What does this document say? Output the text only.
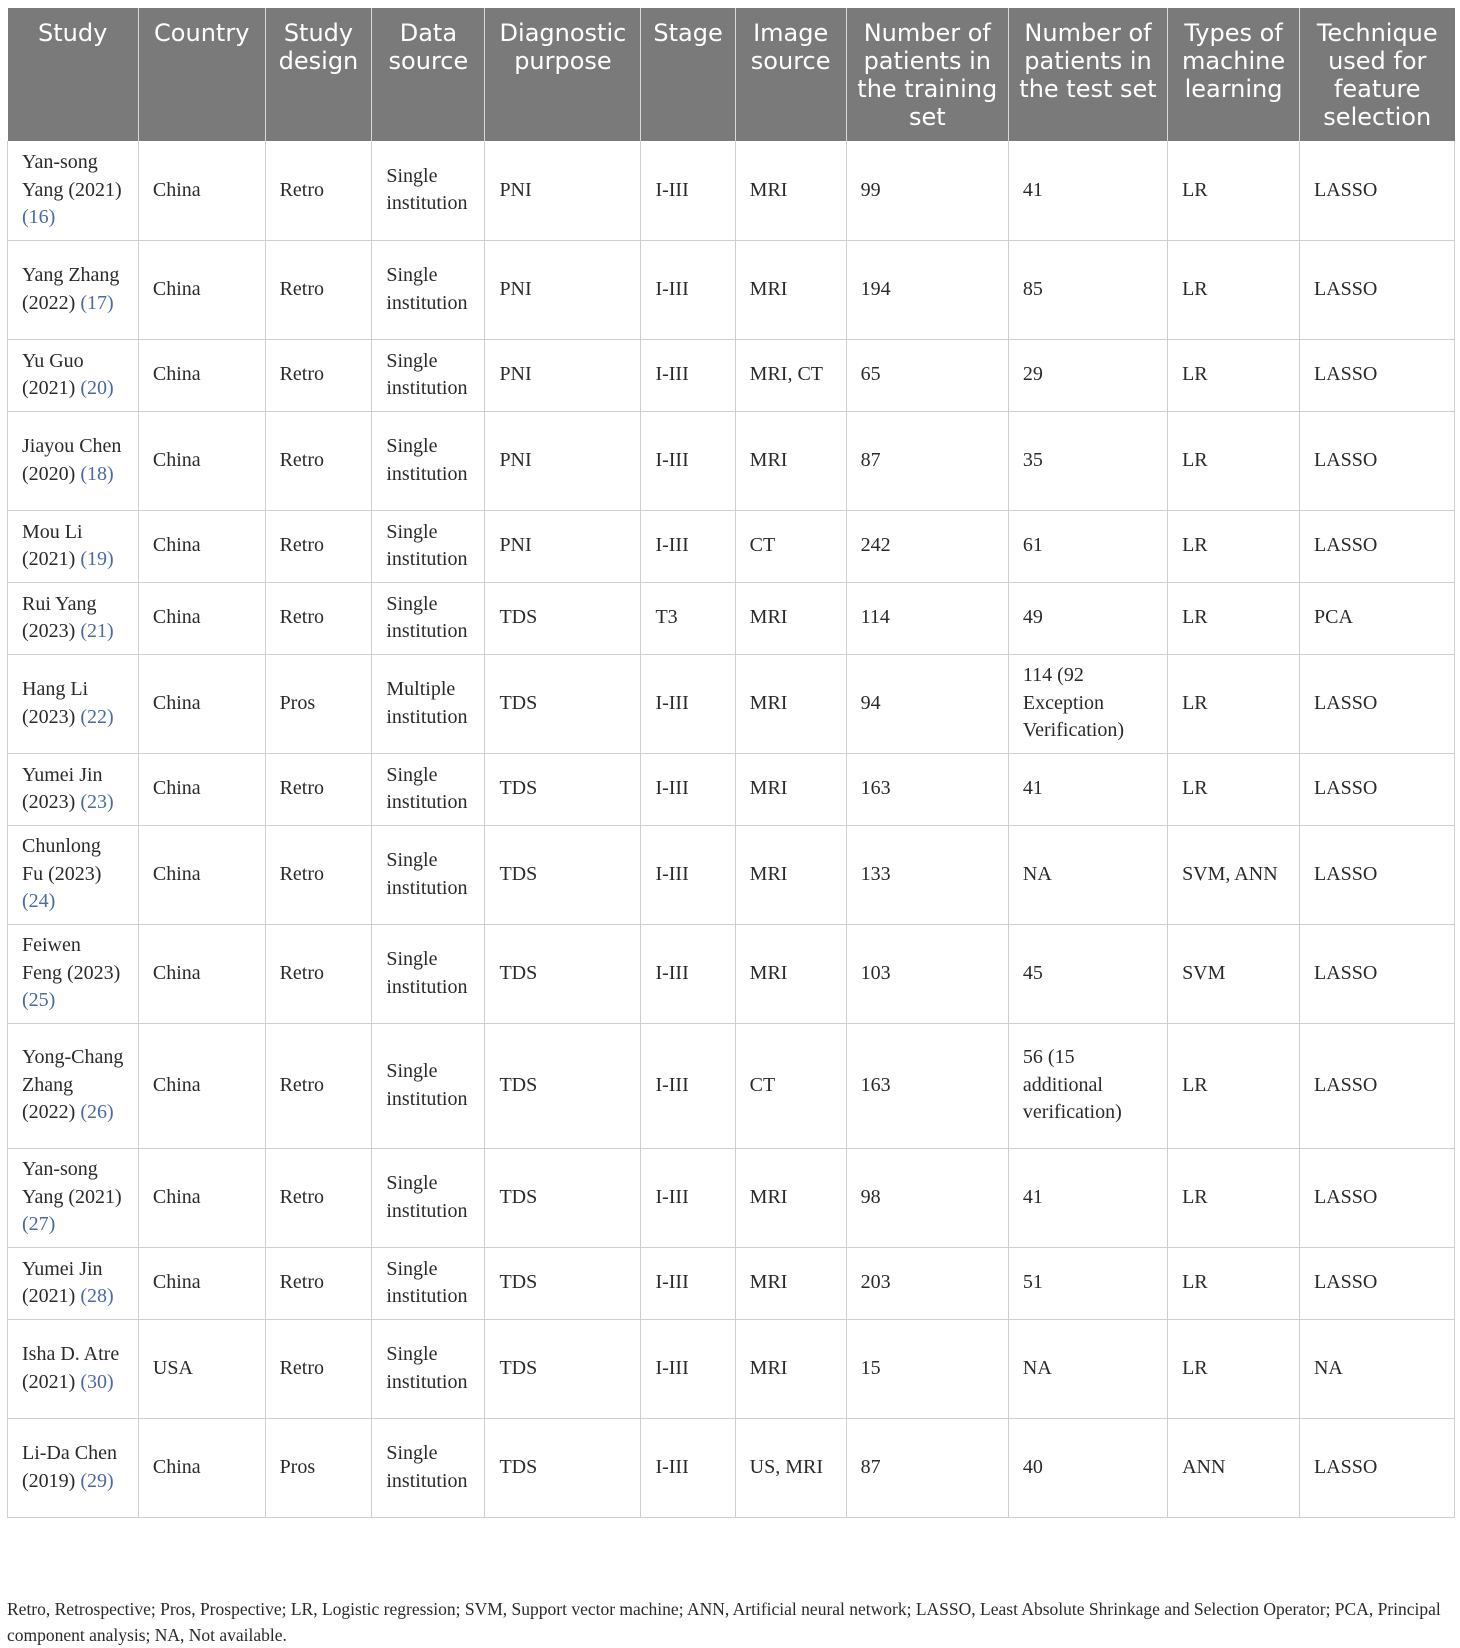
Study	Country	Study design	Data source	Diagnostic purpose	Stage	Image source	Number of patients in the training set	Number of patients in the test set	Types of machine learning	Technique used for feature selection
Yan-song Yang (2021) (16)	China	Retro	Single institution	PNI	I-III	MRI	99	41	LR	LASSO
Yang Zhang (2022) (17)	China	Retro	Single institution	PNI	I-III	MRI	194	85	LR	LASSO
Yu Guo (2021) (20)	China	Retro	Single institution	PNI	I-III	MRI, CT	65	29	LR	LASSO
Jiayou Chen (2020) (18)	China	Retro	Single institution	PNI	I-III	MRI	87	35	LR	LASSO
Mou Li (2021) (19)	China	Retro	Single institution	PNI	I-III	CT	242	61	LR	LASSO
Rui Yang (2023) (21)	China	Retro	Single institution	TDS	T3	MRI	114	49	LR	PCA
Hang Li (2023) (22)	China	Pros	Multiple institution	TDS	I-III	MRI	94	114 (92 Exception Verification)	LR	LASSO
Yumei Jin (2023) (23)	China	Retro	Single institution	TDS	I-III	MRI	163	41	LR	LASSO
Chunlong Fu (2023) (24)	China	Retro	Single institution	TDS	I-III	MRI	133	NA	SVM, ANN	LASSO
Feiwen Feng (2023) (25)	China	Retro	Single institution	TDS	I-III	MRI	103	45	SVM	LASSO
Yong-Chang Zhang (2022) (26)	China	Retro	Single institution	TDS	I-III	CT	163	56 (15 additional verification)	LR	LASSO
Yan-song Yang (2021) (27)	China	Retro	Single institution	TDS	I-III	MRI	98	41	LR	LASSO
Yumei Jin (2021) (28)	China	Retro	Single institution	TDS	I-III	MRI	203	51	LR	LASSO
Isha D. Atre (2021) (30)	USA	Retro	Single institution	TDS	I-III	MRI	15	NA	LR	NA
Li-Da Chen (2019) (29)	China	Pros	Single institution	TDS	I-III	US, MRI	87	40	ANN	LASSO
Retro, Retrospective; Pros, Prospective; LR, Logistic regression; SVM, Support vector machine; ANN, Artificial neural network; LASSO, Least Absolute Shrinkage and Selection Operator; PCA, Principal component analysis; NA, Not available.
